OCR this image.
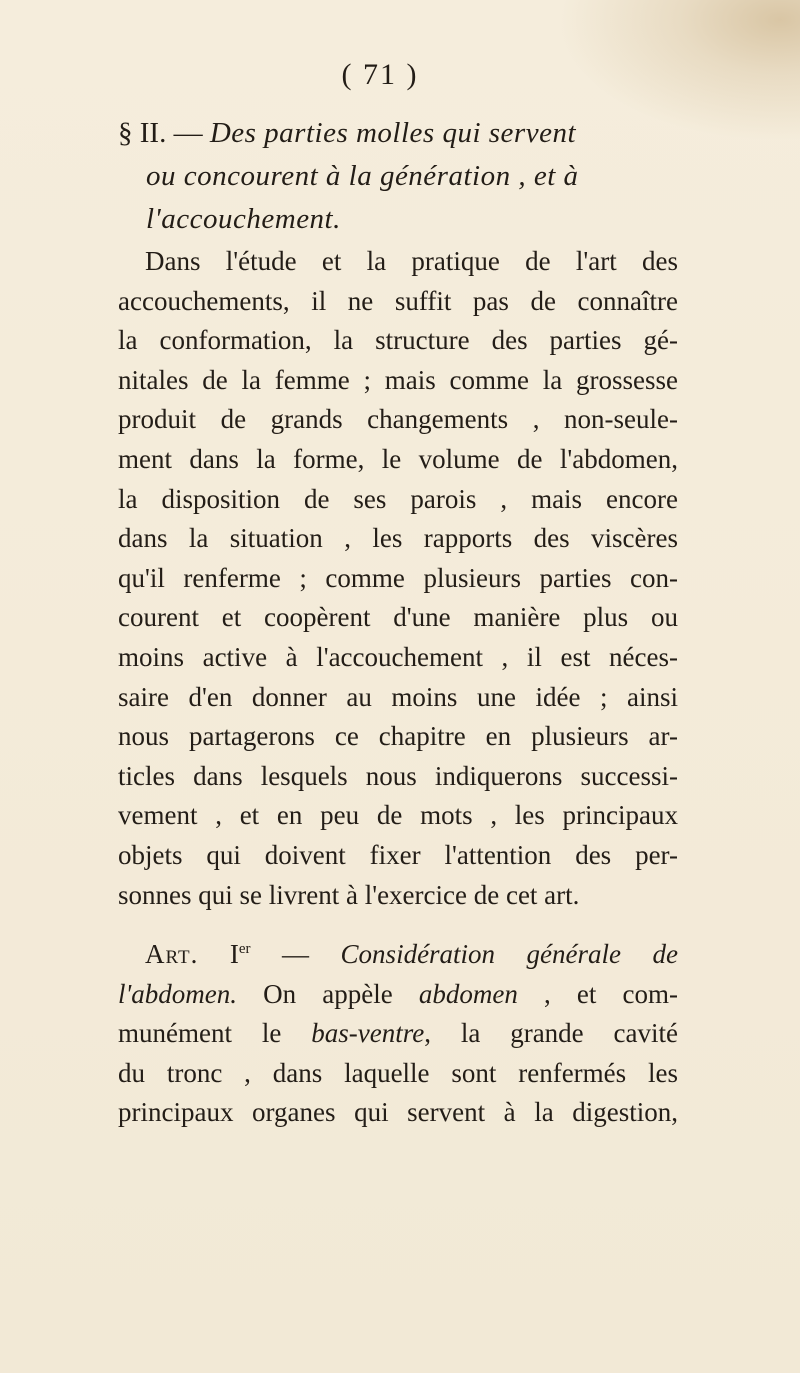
( 71 )
§ II. — Des parties molles qui servent
ou concourent à la génération , et à
l'accouchement.
Dans l'étude et la pratique de l'art des
accouchements, il ne suffit pas de connaître
la conformation, la structure des parties gé-
nitales de la femme ; mais comme la grossesse
produit de grands changements , non-seule-
ment dans la forme, le volume de l'abdomen,
la disposition de ses parois , mais encore
dans la situation , les rapports des viscères
qu'il renferme ; comme plusieurs parties con-
courent et coopèrent d'une manière plus ou
moins active à l'accouchement , il est néces-
saire d'en donner au moins une idée ; ainsi
nous partagerons ce chapitre en plusieurs ar-
ticles dans lesquels nous indiquerons successi-
vement , et en peu de mots , les principaux
objets qui doivent fixer l'attention des per-
sonnes qui se livrent à l'exercice de cet art.
Art. Ier — Considération générale de
l'abdomen. On appèle abdomen , et com-
munément le bas-ventre, la grande cavité
du tronc , dans laquelle sont renfermés les
principaux organes qui servent à la digestion,
